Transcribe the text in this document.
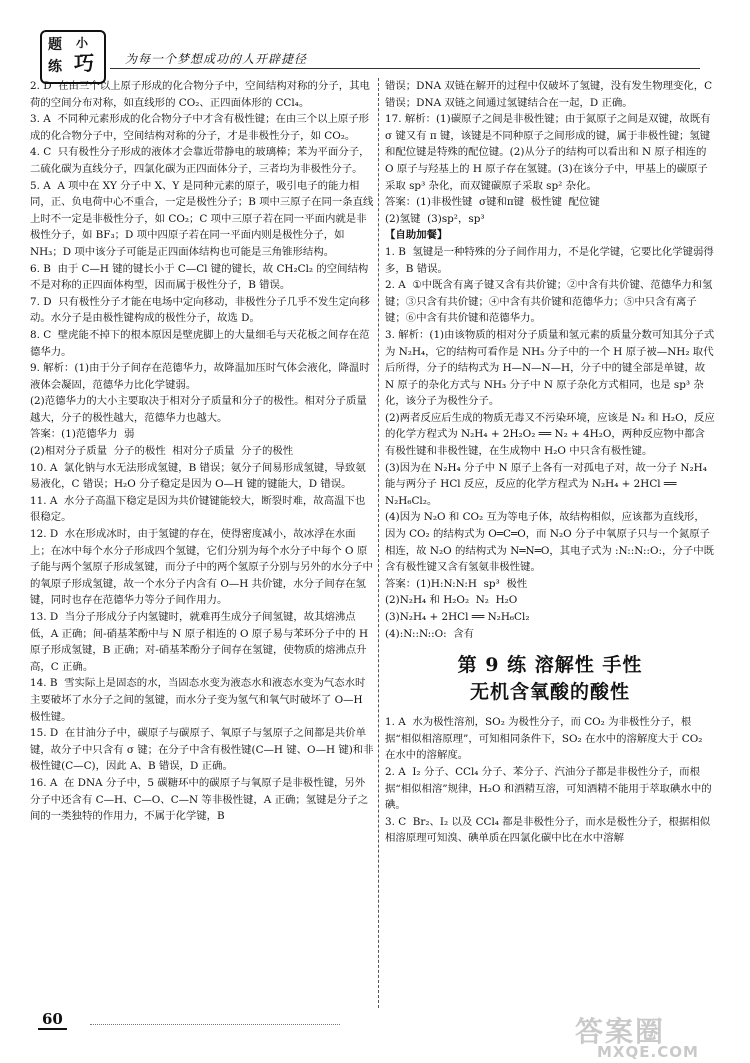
题 小
练 巧	为每一个梦想成功的人开辟捷径

2. D  在由三个以上原子形成的化合物分子中，空间结构对称的分子，其电荷的空间分布对称，如直线形的 CO₂、正四面体形的 CCl₄。

3. A  不同种元素形成的化合物分子中才含有极性键；在由三个以上原子形成的化合物分子中，空间结构对称的分子，才是非极性分子，如 CO₂。

4. C  只有极性分子形成的液体才会靠近带静电的玻璃棒；苯为平面分子，二硫化碳为直线分子，四氯化碳为正四面体分子，三者均为非极性分子。

5. A  A 项中在 XY 分子中 X、Y 是同种元素的原子，吸引电子的能力相同，正、负电荷中心不重合，一定是极性分子；B 项中三原子在同一条直线上时不一定是非极性分子，如 CO₂；C 项中三原子若在同一平面内就是非极性分子，如 BF₃；D 项中四原子若在同一平面内则是极性分子，如 NH₃；D 项中该分子可能是正四面体结构也可能是三角锥形结构。

6. B  由于 C—H 键的键长小于 C—Cl 键的键长，故 CH₂Cl₂ 的空间结构不是对称的正四面体构型，因而属于极性分子，B 错误。

7. D  只有极性分子才能在电场中定向移动，非极性分子几乎不发生定向移动。水分子是由极性键构成的极性分子，故选 D。

8. C  壁虎能不掉下的根本原因是壁虎脚上的大量细毛与天花板之间存在范德华力。

9. 解析：(1)由于分子间存在范德华力，故降温加压时气体会液化，降温时液体会凝固，范德华力比化学键弱。

(2)范德华力的大小主要取决于相对分子质量和分子的极性。相对分子质量越大，分子的极性越大，范德华力也越大。

答案：(1)范德华力  弱

(2)相对分子质量  分子的极性  相对分子质量  分子的极性

10. A  氯化钠与水无法形成氢键，B 错误；氨分子间易形成氢键，导致氨易液化，C 错误；H₂O 分子稳定是因为 O—H 键的键能大，D 错误。

11. A  水分子高温下稳定是因为共价键键能较大，断裂时难，故高温下也很稳定。

12. D  水在形成冰时，由于氢键的存在，使得密度减小，故冰浮在水面上；在冰中每个水分子形成四个氢键，它们分别为每个水分子中每个 O 原子能与两个氢原子形成氢键，而分子中的两个氢原子分别与另外的水分子中的氧原子形成氢键，故一个水分子内含有 O—H 共价键，水分子间存在氢键，同时也存在范德华力等分子间作用力。

13. D  当分子形成分子内氢键时，就难再生成分子间氢键，故其熔沸点低，A 正确；间-硝基苯酚中与 N 原子相连的 O 原子易与苯环分子中的 H 原子形成氢键，B 正确；对-硝基苯酚分子间存在氢键，使物质的熔沸点升高，C 正确。

14. B  雪实际上是固态的水，当固态水变为液态水和液态水变为气态水时主要破坏了水分子之间的氢键，而水分子变为氢气和氧气时破坏了 O—H 极性键。

15. D  在甘油分子中，碳原子与碳原子、氧原子与氢原子之间都是共价单键，故分子中只含有 σ 键；在分子中含有极性键(C—H 键、O—H 键)和非极性键(C—C)，因此 A、B 错误，D 正确。

16. A  在 DNA 分子中，5 碳糖环中的碳原子与氧原子是非极性键，另外分子中还含有 C—H、C—O、C—N 等非极性键，A 正确；氢键是分子之间的一类独特的作用力，不属于化学键，B

错误；DNA 双链在解开的过程中仅破坏了氢键，没有发生物理变化，C 错误；DNA 双链之间通过氢键结合在一起，D 正确。

17. 解析：(1)碳原子之间是非极性键；由于氮原子之间是双键，故既有 σ 键又有 π 键，该键是不同种原子之间形成的键，属于非极性键；氢键和配位键是特殊的配位键。(2)从分子的结构可以看出和 N 原子相连的 O 原子与羟基上的 H 原子存在氢键。(3)在该分子中，甲基上的碳原子采取 sp³ 杂化，而双键碳原子采取 sp² 杂化。

答案：(1)非极性键  σ键和π键  极性键  配位键

(2)氢键  (3)sp²，sp³

【自助加餐】

1. B  氢键是一种特殊的分子间作用力，不是化学键，它要比化学键弱得多，B 错误。

2. A  ①中既含有离子键又含有共价键；②中含有共价键、范德华力和氢键；③只含有共价键；④中含有共价键和范德华力；⑤中只含有离子键；⑥中含有共价键和范德华力。

3. 解析：(1)由该物质的相对分子质量和氢元素的质量分数可知其分子式为 N₂H₄，它的结构可看作是 NH₃ 分子中的一个 H 原子被—NH₂ 取代后所得，分子的结构式为 H—N—N—H，分子中的键全部是单键，故 N 原子的杂化方式与 NH₃ 分子中 N 原子杂化方式相同，也是 sp³ 杂化，该分子为极性分子。

(2)两者反应后生成的物质无毒又不污染环境，应该是 N₂ 和 H₂O，反应的化学方程式为 N₂H₄ + 2H₂O₂ ══ N₂ + 4H₂O，两种反应物中都含有极性键和非极性键，在生成物中 H₂O 中只含有极性键。

(3)因为在 N₂H₄ 分子中 N 原子上各有一对孤电子对，故一分子 N₂H₄ 能与两分子 HCl 反应，反应的化学方程式为 N₂H₄ + 2HCl ══ N₂H₆Cl₂。

(4)因为 N₂O 和 CO₂ 互为等电子体，故结构相似，应该都为直线形，因为 CO₂ 的结构式为 O═C═O，而 N₂O 分子中氧原子只与一个氮原子相连，故 N₂O 的结构式为 N═N═O，其电子式为 :N::N::O:，分子中既含有极性键又含有氢氨非极性键。

答案：(1)H:N:N:H  sp³  极性

(2)N₂H₄ 和 H₂O₂  N₂  H₂O

(3)N₂H₄ + 2HCl ══ N₂H₆Cl₂

(4):N::N::O:  含有

第 9 练 溶解性 手性
无机含氧酸的酸性

1. A  水为极性溶剂，SO₂ 为极性分子，而 CO₂ 为非极性分子，根据“相似相溶原理”，可知相同条件下，SO₂ 在水中的溶解度大于 CO₂ 在水中的溶解度。

2. A  I₂ 分子、CCl₄ 分子、苯分子、汽油分子都是非极性分子，而根据“相似相溶”规律，H₂O 和酒精互溶，可知酒精不能用于萃取碘水中的碘。

3. C  Br₂、I₂ 以及 CCl₄ 都是非极性分子，而水是极性分子，根据相似相溶原理可知溴、碘单质在四氯化碳中比在水中溶解

60	答案圈
MXQE.COM
